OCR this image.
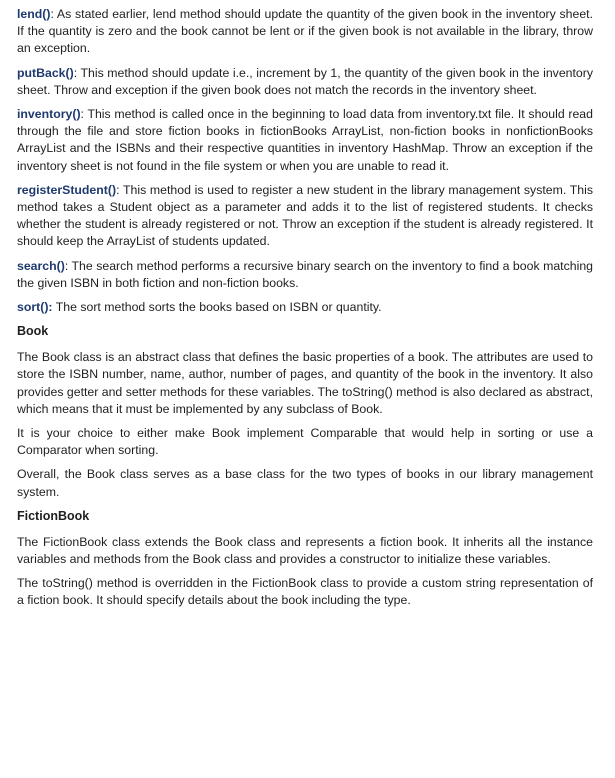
lend(): As stated earlier, lend method should update the quantity of the given book in the inventory sheet. If the quantity is zero and the book cannot be lent or if the given book is not available in the library, throw an exception.

putBack(): This method should update i.e., increment by 1, the quantity of the given book in the inventory sheet. Throw and exception if the given book does not match the records in the inventory sheet.

inventory(): This method is called once in the beginning to load data from inventory.txt file. It should read through the file and store fiction books in fictionBooks ArrayList, non-fiction books in nonfictionBooks ArrayList and the ISBNs and their respective quantities in inventory HashMap. Throw an exception if the inventory sheet is not found in the file system or when you are unable to read it.

registerStudent(): This method is used to register a new student in the library management system. This method takes a Student object as a parameter and adds it to the list of registered students. It checks whether the student is already registered or not. Throw an exception if the student is already registered. It should keep the ArrayList of students updated.

search(): The search method performs a recursive binary search on the inventory to find a book matching the given ISBN in both fiction and non-fiction books.

sort(): The sort method sorts the books based on ISBN or quantity.

Book

The Book class is an abstract class that defines the basic properties of a book. The attributes are used to store the ISBN number, name, author, number of pages, and quantity of the book in the inventory. It also provides getter and setter methods for these variables. The toString() method is also declared as abstract, which means that it must be implemented by any subclass of Book.

It is your choice to either make Book implement Comparable that would help in sorting or use a Comparator when sorting.

Overall, the Book class serves as a base class for the two types of books in our library management system.

FictionBook

The FictionBook class extends the Book class and represents a fiction book. It inherits all the instance variables and methods from the Book class and provides a constructor to initialize these variables.

The toString() method is overridden in the FictionBook class to provide a custom string representation of a fiction book. It should specify details about the book including the type.
